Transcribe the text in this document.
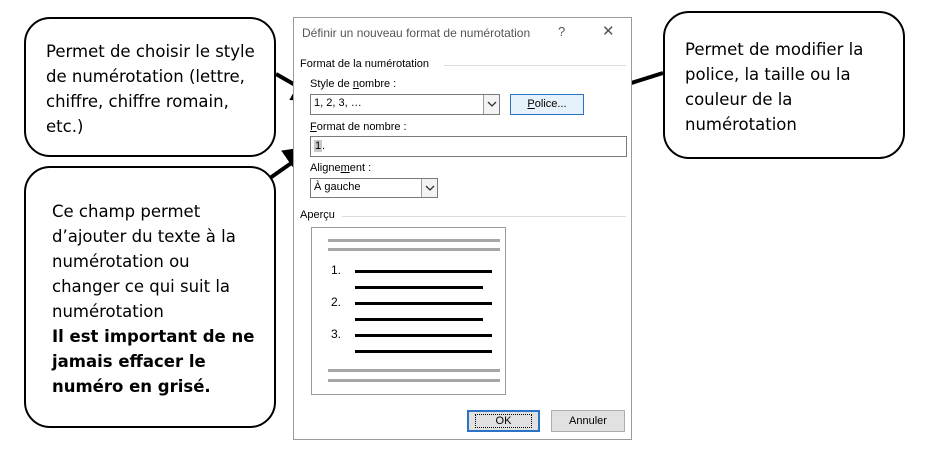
Permet de choisir le style de numérotation (lettre, chiffre, chiffre romain, etc.)
Permet de modifier la police, la taille ou la couleur de la numérotation
Ce champ permet d’ajouter du texte à la numérotation ou changer ce qui suit la numérotation
Il est important de ne jamais effacer le numéro en grisé.
Définir un nouveau format de numérotation ? ✕
Format de la numérotation
Style de nombre :
1, 2, 3, …	Police...
Format de nombre :
1 .
Alignement :
À gauche
Aperçu
1.
2.
3.
OK	Annuler
